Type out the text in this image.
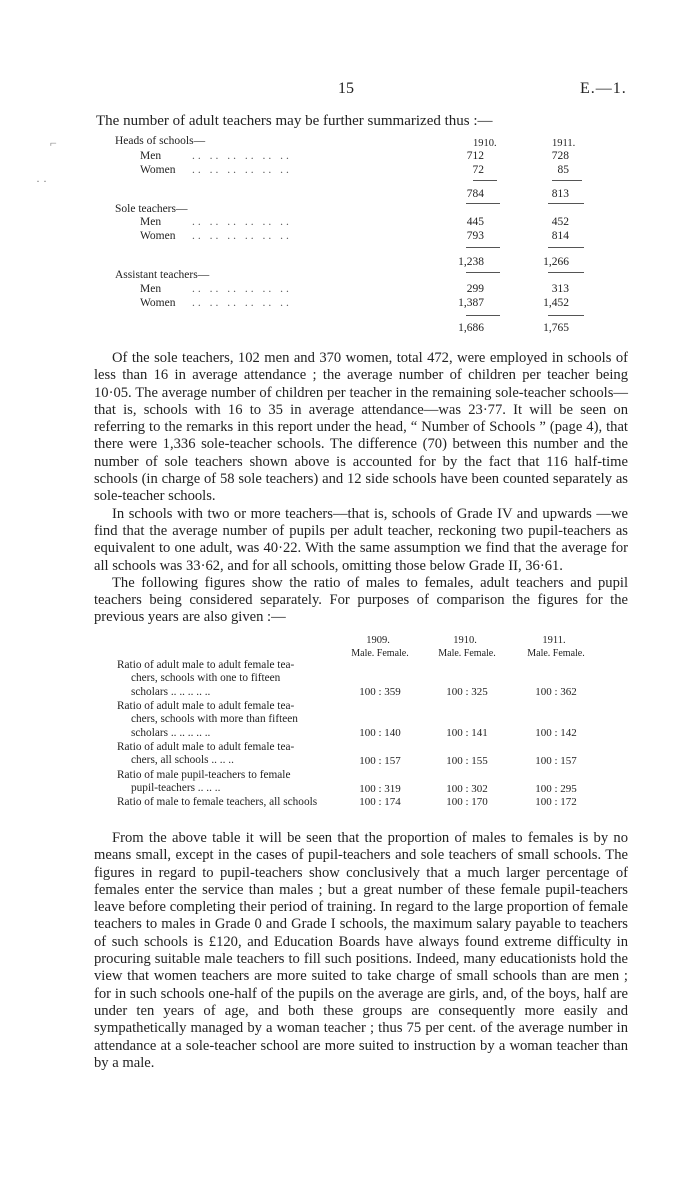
15	E.—1.
⌐
· ·
The number of adult teachers may be further summarized thus :—
1910.	1911.
Heads of schools—
Men	.. .. .. .. .. ..	712	728
Women .. .. .. .. .. ..	72	85
784	813
Sole teachers—
Men	.. .. .. .. .. ..	445	452
Women .. .. .. .. .. ..	793	814
1,238	1,266
Assistant teachers—
Men	.. .. .. .. .. ..	299	313
Women .. .. .. .. .. ..	1,387	1,452
1,686	1,765

Of the sole teachers, 102 men and 370 women, total 472, were employed in schools of less than 16 in average attendance ; the average number of children per teacher being 10·05. The average number of children per teacher in the remaining sole-teacher schools—that is, schools with 16 to 35 in average attendance—was 23·77. It will be seen on referring to the remarks in this report under the head, “ Number of Schools ” (page 4), that there were 1,336 sole-teacher schools. The difference (70) between this number and the number of sole teachers shown above is accounted for by the fact that 116 half-time schools (in charge of 58 sole teachers) and 12 side schools have been counted separately as sole-teacher schools.

In schools with two or more teachers—that is, schools of Grade IV and upwards —we find that the average number of pupils per adult teacher, reckoning two pupil-teachers as equivalent to one adult, was 40·22. With the same assumption we find that the average for all schools was 33·62, and for all schools, omitting those below Grade II, 36·61.

The following figures show the ratio of males to females, adult teachers and pupil teachers being considered separately. For purposes of comparison the figures for the previous years are also given :—

1909.	1910.	1911.
Male. Female.	Male. Female.	Male. Female.
Ratio of adult male to adult female tea-
chers, schools with one to fifteen
scholars .. .. .. .. ..	100 : 359	100 : 325	100 : 362
Ratio of adult male to adult female tea-
chers, schools with more than fifteen
scholars .. .. .. .. ..	100 : 140	100 : 141	100 : 142
Ratio of adult male to adult female tea-
chers, all schools .. .. ..	100 : 157	100 : 155	100 : 157
Ratio of male pupil-teachers to female
pupil-teachers .. .. ..	100 : 319	100 : 302	100 : 295
Ratio of male to female teachers, all schools	100 : 174	100 : 170	100 : 172

From the above table it will be seen that the proportion of males to females is by no means small, except in the cases of pupil-teachers and sole teachers of small schools. The figures in regard to pupil-teachers show conclusively that a much larger percentage of females enter the service than males ; but a great number of these female pupil-teachers leave before completing their period of training. In regard to the large proportion of female teachers to males in Grade 0 and Grade I schools, the maximum salary payable to teachers of such schools is £120, and Education Boards have always found extreme difficulty in procuring suitable male teachers to fill such positions. Indeed, many educationists hold the view that women teachers are more suited to take charge of small schools than are men ; for in such schools one-half of the pupils on the average are girls, and, of the boys, half are under ten years of age, and both these groups are consequently more easily and sympathetically managed by a woman teacher ; thus 75 per cent. of the average number in attendance at a sole-teacher school are more suited to instruction by a woman teacher than by a male.
